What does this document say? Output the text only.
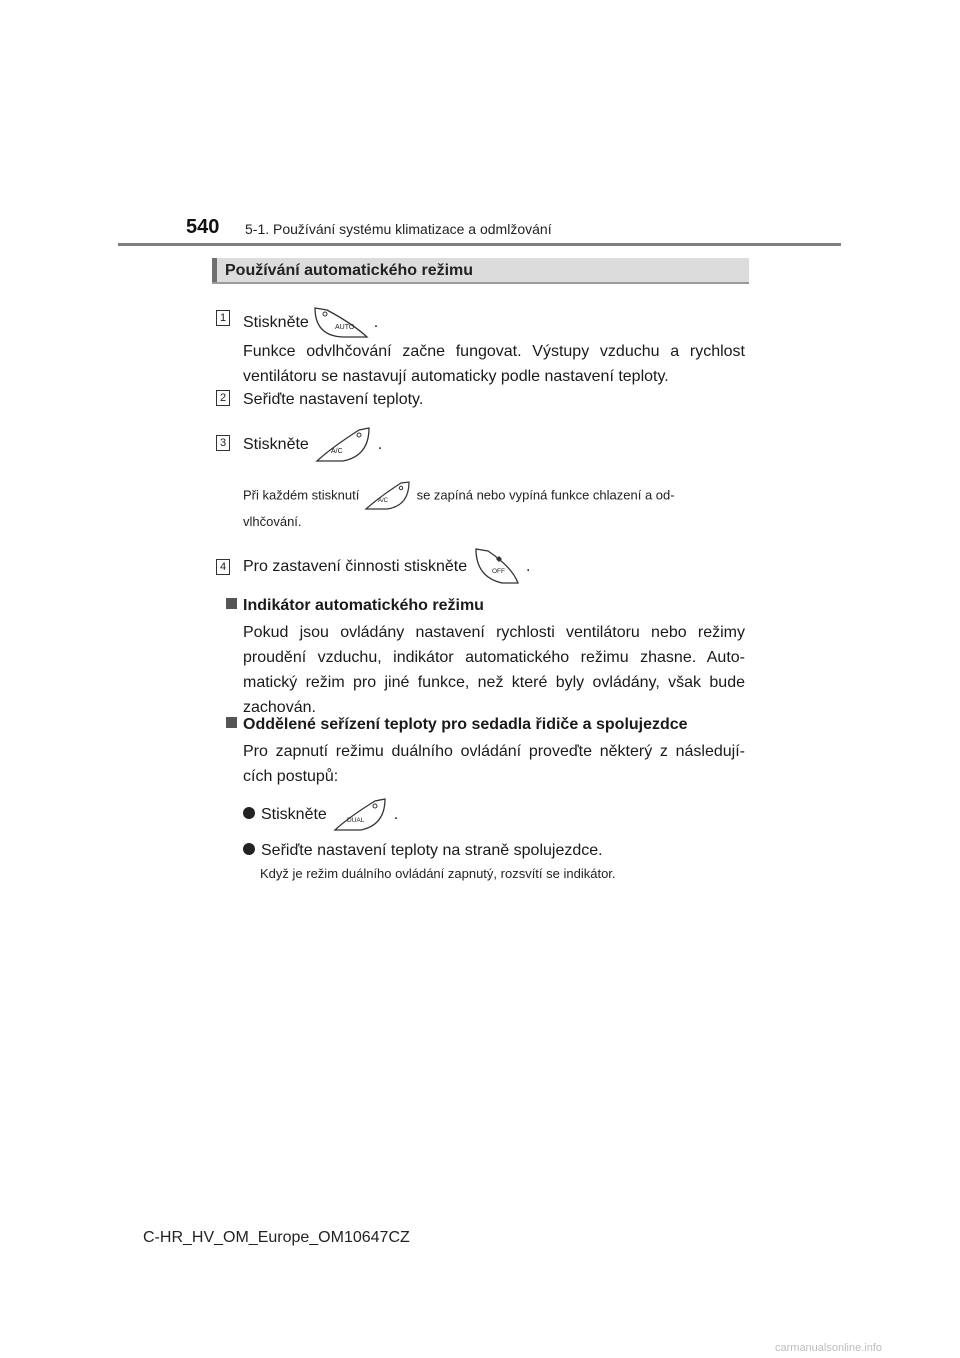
540 5-1. Používání systému klimatizace a odmlžování
Používání automatického režimu
1 Stiskněte	AUTO .
Funkce odvlhčování začne fungovat. Výstupy vzduchu a rychlost ventilátoru se nastavují automaticky podle nastavení teploty.
2 Seřiďte nastavení teploty.
3 Stiskněte	A/C .
Při každém stisknutí	A/C se zapíná nebo vypíná funkce chlazení a od-
vlhčování.
4 Pro zastavení činnosti stiskněte	OFF .
Indikátor automatického režimu
Pokud jsou ovládány nastavení rychlosti ventilátoru nebo režimy
proudění vzduchu, indikátor automatického režimu zhasne. Auto-
matický režim pro jiné funkce, než které byly ovládány, však bude
zachován.
Oddělené seřízení teploty pro sedadla řidiče a spolujezdce
Pro zapnutí režimu duálního ovládání proveďte některý z následují-
cích postupů:
Stiskněte	DUAL .
Seřiďte nastavení teploty na straně spolujezdce.
Když je režim duálního ovládání zapnutý, rozsvítí se indikátor.
C-HR_HV_OM_Europe_OM10647CZ
carmanualsonline.info
